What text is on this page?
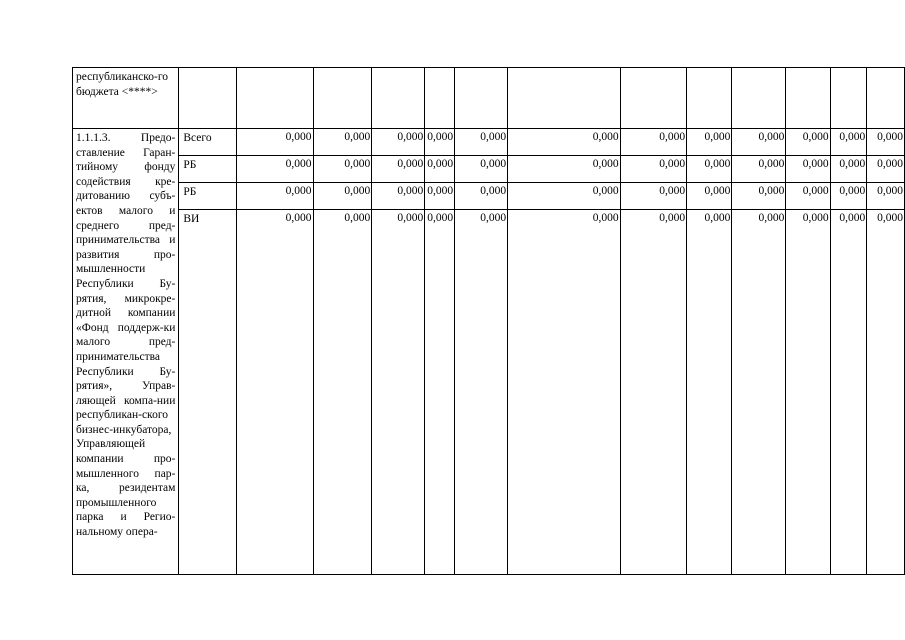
республиканско-го бюджета <****>													

1.1.1.3. Предо-ставление Гаран-тийному фонду содействия кре-дитованию субъ-ектов малого и среднего пред-принимательства и развития про-мышленности Республики Бу-рятия, микрокре-дитной компании «Фонд поддерж-ки малого пред-принимательства Республики Бу-рятия», Управ-ляющей компа-нии республикан-ского бизнес-инкубатора, Управляющей компании про-мышленного пар-ка, резидентам промышленного парка и Регио-нальному опера-	Всего	0,000	0,000	0,000	0,000	0,000	0,000	0,000	0,000	0,000	0,000	0,000	0,000
	РБ	0,000	0,000	0,000	0,000	0,000	0,000	0,000	0,000	0,000	0,000	0,000	0,000
	РБ	0,000	0,000	0,000	0,000	0,000	0,000	0,000	0,000	0,000	0,000	0,000	0,000
	ВИ	0,000	0,000	0,000	0,000	0,000	0,000	0,000	0,000	0,000	0,000	0,000	0,000
